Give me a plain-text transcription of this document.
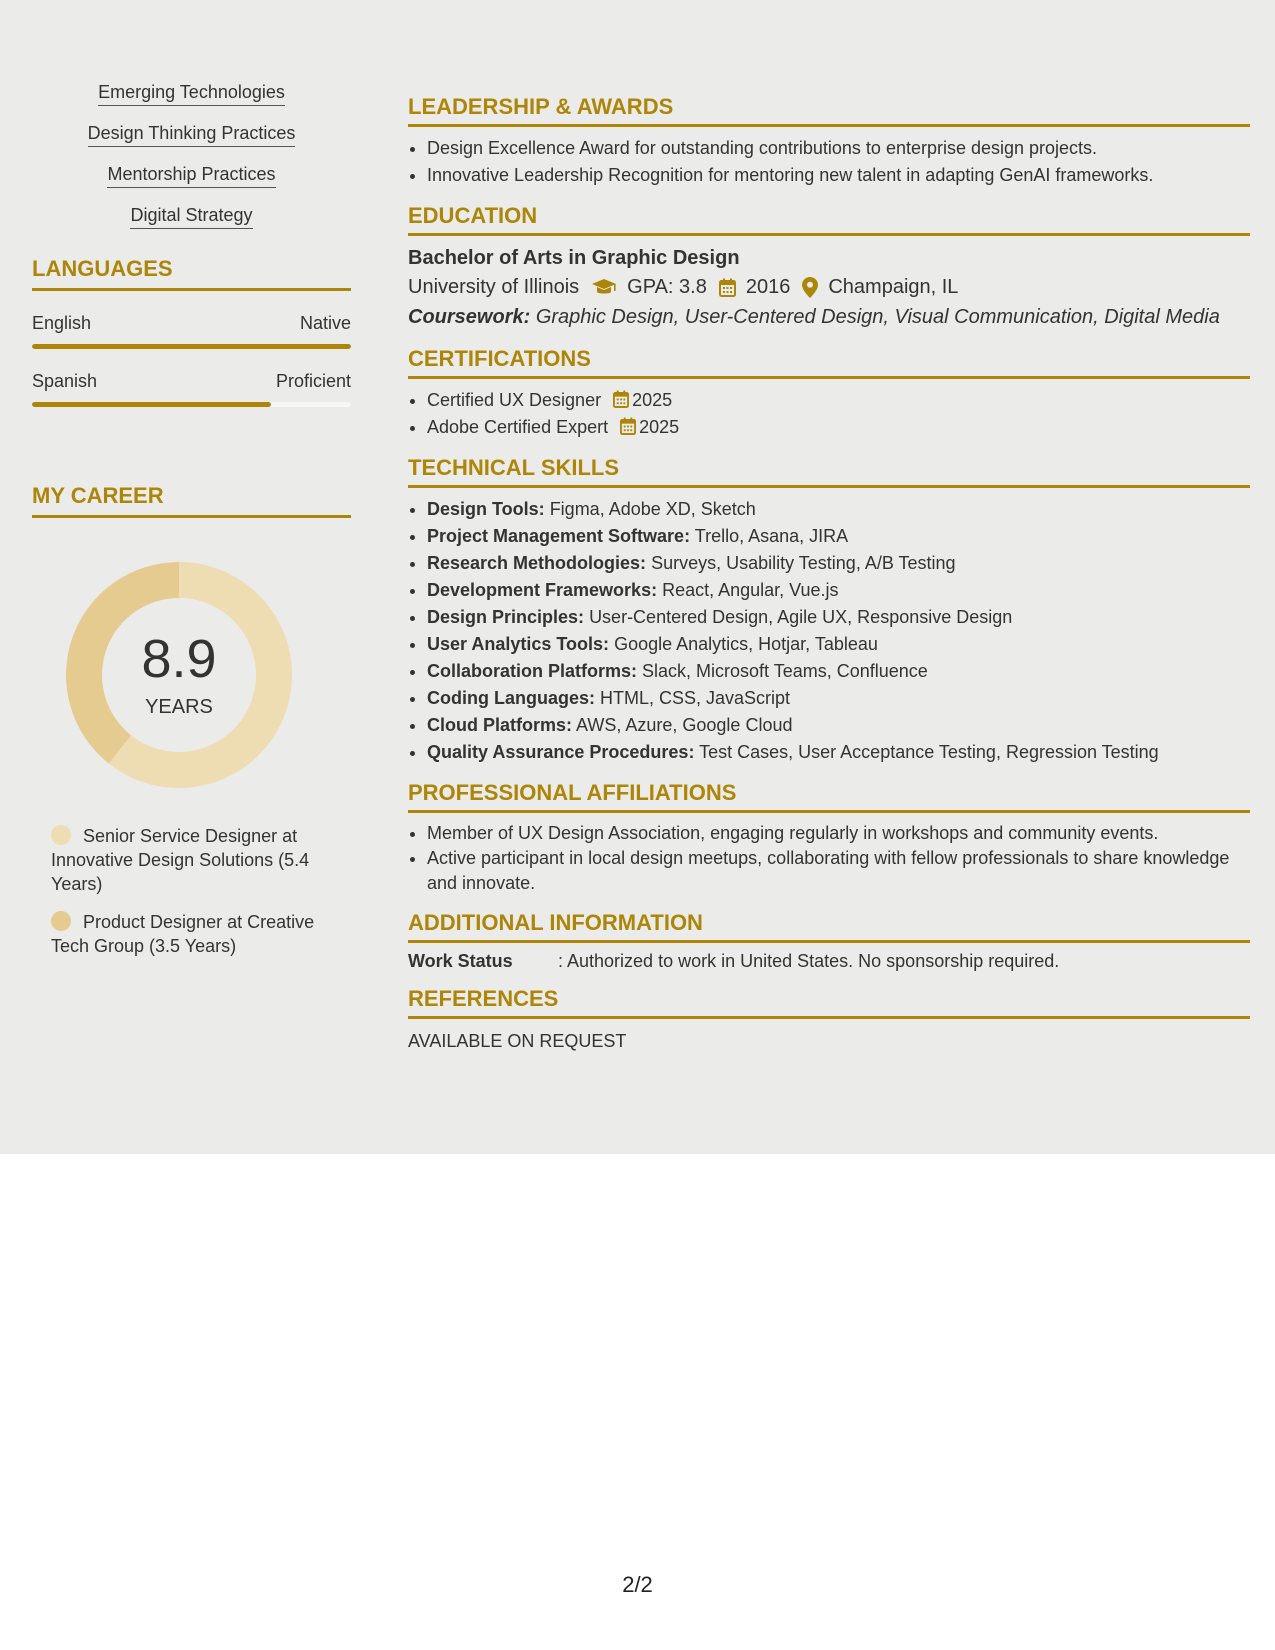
Emerging Technologies
Design Thinking Practices
Mentorship Practices
Digital Strategy
LANGUAGES
English	Native
Spanish	Proficient
MY CAREER
8.9
YEARS
Senior Service Designer at Innovative Design Solutions (5.4 Years)
Product Designer at Creative Tech Group (3.5 Years)
LEADERSHIP & AWARDS
• Design Excellence Award for outstanding contributions to enterprise design projects.
• Innovative Leadership Recognition for mentoring new talent in adapting GenAI frameworks.
EDUCATION
Bachelor of Arts in Graphic Design
University of Illinois GPA: 3.8 2016 Champaign, IL
Coursework: Graphic Design, User-Centered Design, Visual Communication, Digital Media
CERTIFICATIONS
• Certified UX Designer 2025
• Adobe Certified Expert 2025
TECHNICAL SKILLS
• Design Tools: Figma, Adobe XD, Sketch
• Project Management Software: Trello, Asana, JIRA
• Research Methodologies: Surveys, Usability Testing, A/B Testing
• Development Frameworks: React, Angular, Vue.js
• Design Principles: User-Centered Design, Agile UX, Responsive Design
• User Analytics Tools: Google Analytics, Hotjar, Tableau
• Collaboration Platforms: Slack, Microsoft Teams, Confluence
• Coding Languages: HTML, CSS, JavaScript
• Cloud Platforms: AWS, Azure, Google Cloud
• Quality Assurance Procedures: Test Cases, User Acceptance Testing, Regression Testing
PROFESSIONAL AFFILIATIONS
• Member of UX Design Association, engaging regularly in workshops and community events.
• Active participant in local design meetups, collaborating with fellow professionals to share knowledge and innovate.
ADDITIONAL INFORMATION
Work Status	: Authorized to work in United States. No sponsorship required.
REFERENCES
AVAILABLE ON REQUEST
2/2
